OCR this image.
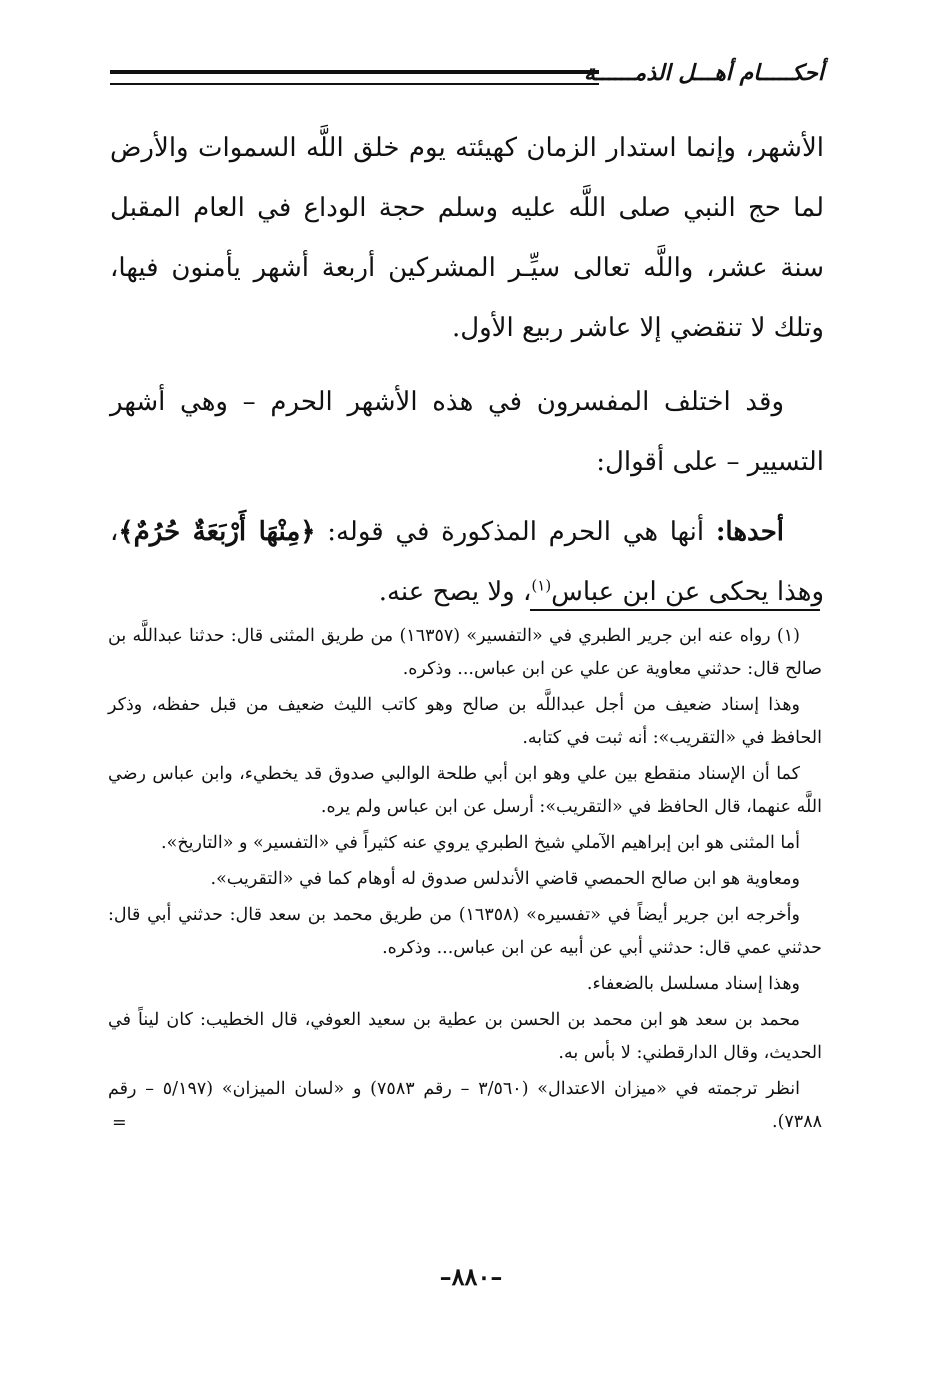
أحكـــــام أهـــل الذمــــــة

الأشهر، وإنما استدار الزمان كهيئته يوم خلق اللَّه السموات والأرض لما حج النبي صلى اللَّه عليه وسلم حجة الوداع في العام المقبل سنة عشر، واللَّه تعالى سيِّـر المشركين أربعة أشهر يأمنون فيها، وتلك لا تنقضي إلا عاشر ربيع الأول.

وقد اختلف المفسرون في هذه الأشهر الحرم – وهي أشهر التسيير – على أقوال:

أحدها: أنها هي الحرم المذكورة في قوله: ﴿مِنْهَا أَرْبَعَةٌ حُرُمٌ﴾، وهذا يحكى عن ابن عباس$^{(١)}$، ولا يصح عنه.

(١) رواه عنه ابن جرير الطبري في «التفسير» (١٦٣٥٧) من طريق المثنى قال: حدثنا عبداللَّه بن صالح قال: حدثني معاوية عن علي عن ابن عباس... وذكره.

وهذا إسناد ضعيف من أجل عبداللَّه بن صالح وهو كاتب الليث ضعيف من قبل حفظه، وذكر الحافظ في «التقريب»: أنه ثبت في كتابه.

كما أن الإسناد منقطع بين علي وهو ابن أبي طلحة الوالبي صدوق قد يخطيء، وابن عباس رضي اللَّه عنهما، قال الحافظ في «التقريب»: أرسل عن ابن عباس ولم يره.

أما المثنى هو ابن إبراهيم الآملي شيخ الطبري يروي عنه كثيراً في «التفسير» و «التاريخ».

ومعاوية هو ابن صالح الحمصي قاضي الأندلس صدوق له أوهام كما في «التقريب».

وأخرجه ابن جرير أيضاً في «تفسيره» (١٦٣٥٨) من طريق محمد بن سعد قال: حدثني أبي قال: حدثني عمي قال: حدثني أبي عن أبيه عن ابن عباس... وذكره.

وهذا إسناد مسلسل بالضعفاء.

محمد بن سعد هو ابن محمد بن الحسن بن عطية بن سعيد العوفي، قال الخطيب: كان ليناً في الحديث، وقال الدارقطني: لا بأس به.

انظر ترجمته في «ميزان الاعتدال» (٣/٥٦٠ – رقم ٧٥٨٣) و «لسان الميزان» (٥/١٩٧ – رقم ٧٣٨٨).
=

–٨٨٠–
